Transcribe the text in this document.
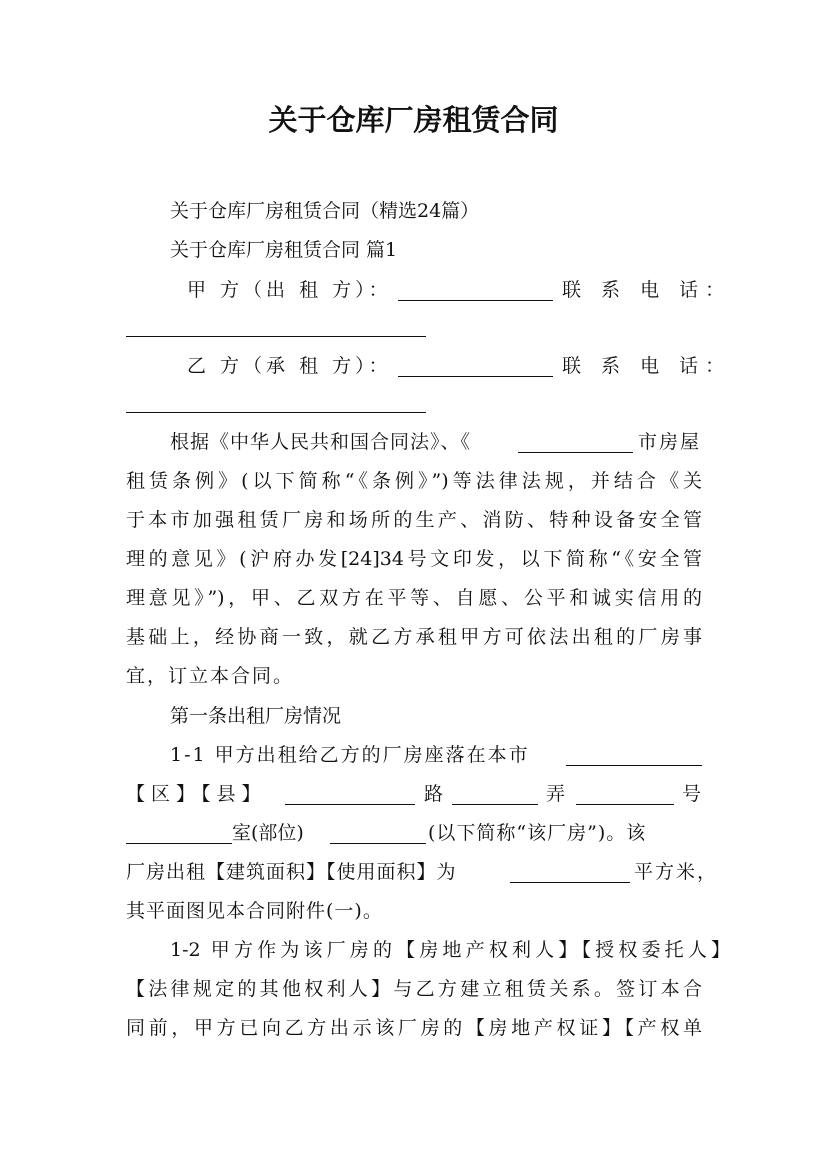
关于仓库厂房租赁合同
关于仓库厂房租赁合同（精选24篇）
关于仓库厂房租赁合同 篇1
甲 方（出 租 方）：	联 系 电 话：
乙 方（承 租 方）：	联 系 电 话：
根据《中华人民共和国合同法》、《	市房屋
租赁条例》(以下简称“《条例》”)等法律法规，并结合《关
于本市加强租赁厂房和场所的生产、消防、特种设备安全管
理的意见》(沪府办发[24]34号文印发，以下简称“《安全管
理意见》”)，甲、乙双方在平等、自愿、公平和诚实信用的
基础上，经协商一致，就乙方承租甲方可依法出租的厂房事
宜，订立本合同。
第一条出租厂房情况
1-1 甲方出租给乙方的厂房座落在本市
【区】【县】	路	弄	号
室(部位)	(以下简称“该厂房”)。该
厂房出租【建筑面积】【使用面积】为	平方米，
其平面图见本合同附件(一)。
1-2 甲方作为该厂房的【房地产权利人】【授权委托人】
【法律规定的其他权利人】与乙方建立租赁关系。签订本合
同前，甲方已向乙方出示该厂房的【房地产权证】【产权单
